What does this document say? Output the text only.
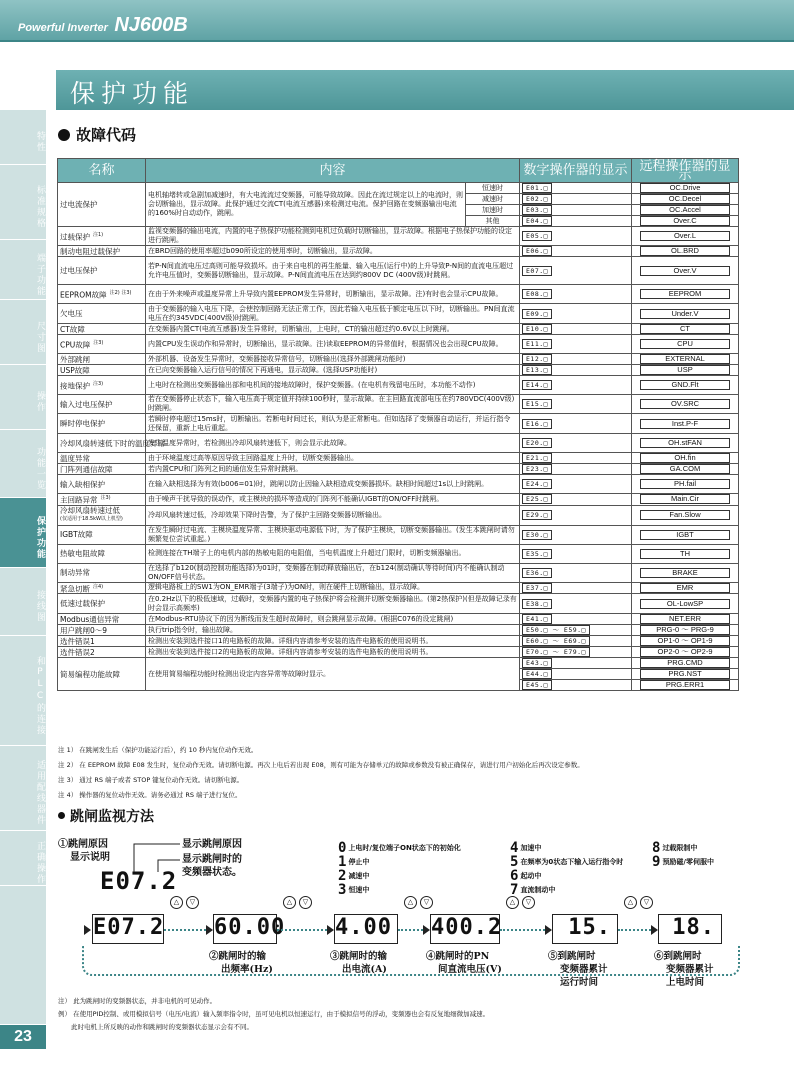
Powerful Inverter NJ600B
特性
标准规格
端子功能
尺寸图
操作
功能一览
保护功能
接线图
和PLC的连接
适用配线器件
正确操作
23
保护功能
故障代码
名称	内容		数字操作器的显示	远程操作器的显示
过电流保护	电机轴堵转或急剧加减速时，有大电流流过变频器，可能导致故障。因此在流过规定以上的电流时，则会切断输出，显示故障。此保护通过交流CT(电流互感器)来检测过电流。保护回路在变频器输出电流的160%时自动动作，跳闸。	恒速时	E01.□	OC.Drive
		减速时	E02.□	OC.Decel
		加速时	E03.□	OC.Accel
		其他	E04.□	Over.C
过载保护 $^{注1)}$	监视变频器的输出电流，内置的电子热保护功能检测到电机过负载时切断输出，显示故障。根据电子热保护功能的设定进行跳闸。		E05.□	Over.L
制动电阻过载保护	在BRD回路的使用率超过b090所设定的使用率时，切断输出，显示故障。		E06.□	OL.BRD
过电压保护	若P-N间直流电压过高则可能导致损坏。由于来自电机的再生能量、输入电压(运行中)的上升导致P-N间的直流电压超过允许电压值时，变频器切断输出，显示故障。P-N间直流电压在达到约800V DC (400V级)时跳闸。		E07.□	Over.V
EEPROM故障 $^{注2) 注3)}$	在由于外来噪声或温度异常上升导致内置EEPROM发生异常时，切断输出，显示故障。注)有时也会显示CPU故障。		E08.□	EEPROM
欠电压	由于变频器的输入电压下降，会使控制回路无法正常工作，因此若输入电压低于额定电压以下时，切断输出。PN间直流电压在约345VDC(400V级)时跳闸。		E09.□	Under.V
CT故障	在变频器内置CT(电流互感器)发生异常时，切断输出，上电时，CT的输出超过约0.6V以上时跳闸。		E10.□	CT
CPU故障 $^{注3)}$	内置CPU发生误动作和异常时，切断输出，显示故障。注)读取EEPROM的异常值时，根据情况也会出现CPU故障。		E11.□	CPU
外部跳闸	外部机器、设备发生异常时，变频器接收异常信号，切断输出(选择外部跳闸功能时)		E12.□	EXTERNAL
USP故障	在已向变频器输入运行信号的情况下再通电，显示故障。(选择USP功能时)		E13.□	USP
接地保护 $^{注3)}$	上电时在检测出变频器输出部和电机间的接地故障时，保护变频器。(在电机有残留电压时，本功能不动作)		E14.□	GND.Flt
输入过电压保护	若在变频器停止状态下，输入电压高于规定值并持续100秒时，显示故障。在主回路直流部电压在约780VDC(400V级)时跳闸。		E15.□	OV.SRC
瞬时停电保护	若瞬时停电超过15ms时，切断输出。若断电时间过长，则认为是正常断电。但如选择了变频器自动运行，并运行指令还保留，重新上电后重起。		E16.□	Inst.P-F
冷却风扇转速低下时的温度异常	发生温度异常时，若检测出冷却风扇转速低下，则会显示此故障。		E20.□	OH.stFAN
温度异常	由于环境温度过高等原因导致主回路温度上升时，切断变频器输出。		E21.□	OH.fin
门阵列通信故障	若内置CPU和门阵列之间的通信发生异常时跳闸。		E23.□	GA.COM
输入缺相保护	在输入缺相选择为有效(b006=01)时，跳闸以防止因输入缺相造成变频器损坏。缺相时间超过1s以上时跳闸。		E24.□	PH.fail
主回路异常 $^{注3)}$	由于噪声干扰导致的误动作，或主模块的损坏等造成的门阵列不能确认IGBT的ON/OFF时跳闸。		E25.□	Main.Cir
冷却风扇转速过低
(仅适用于18.5kW以上机型)	冷却风扇转速过低，冷却效果下降时告警，为了保护主回路变频器切断输出。		E29.□	Fan.Slow
IGBT故障	在发生瞬时过电流、主模块温度异常、主模块驱动电源低下时，为了保护主模块，切断变频器输出。(发生本跳闸时请勿频繁复位尝试重起。)		E30.□	IGBT
热敏电阻故障	检测连接在TH端子上的电机内部的热敏电阻的电阻值，当电机温度上升超过门限时，切断变频器输出。		E35.□	TH
制动异常	在选择了b120(制动控制功能选择)为01时，变频器在制动释放输出后，在b124(制动确认等待时间)内不能确认制动ON/OFF信号状态。		E36.□	BRAKE
紧急切断 $^{注4)}$	逻辑电路板上的SW1为ON_EMR端子(3端子)为ON时，则在硬件上切断输出，显示故障。		E37.□	EMR
低速过载保护	在0.2Hz以下的极低速域，过载时，变频器内置的电子热保护将会检测并切断变频器输出。(第2热保护)(但是故障记录有时会显示高频率)		E38.□	OL-LowSP
Modbus通信异常	在Modbus-RTU协议下的因为断线而发生超时故障时，则会跳闸显示故障。(根据C076的设定跳闸)		E41.□	NET.ERR
用户跳闸0～9	执行trip指令时，输出故障。		E50.□ ～ E59.□	PRG-0 ～ PRG-9
选件错误1	检测出安装到选件接口1的电路板的故障。详细内容请参考安装的选件电路板的使用说明书。		E60.□ ～ E69.□	OP1-0 ～ OP1-9
选件错误2	检测出安装到选件接口2的电路板的故障。详细内容请参考安装的选件电路板的使用说明书。		E70.□ ～ E79.□	OP2-0 ～ OP2-9
简易编程功能故障	在使用简易编程功能时检测出设定内容异常等故障时显示。		E43.□	PRG.CMD
			E44.□	PRG.NST
			E45.□	PRG.ERR1
注 1） 在跳闸发生后（保护功能运行后），约 10 秒内复位动作无效。
注 2） 在 EEPROM 故障 E08 发生时，复位动作无效。请切断电源。再次上电后若出现 E08，则有可能为存储单元的故障或参数没有被正确保存，请进行用户初始化后再次设定参数。
注 3） 通过 RS 端子或者 STOP 键复位动作无效。请切断电源。
注 4） 操作器的复位动作无效。请务必通过 RS 端子进行复位。
跳闸监视方法
①跳闸原因
显示说明
E07.2
显示跳闸原因
显示跳闸时的
变频器状态。
0 上电时/复位端子ON状态下的初始化
1 停止中
2 减速中
3 恒速中
4 加速中
5 在频率为0状态下输入运行指令时
6 起动中
7 直流制动中
8 过载限制中
9 预励磁/零伺服中
E07.2
△	▽
60.00
△	▽
②跳闸时的输
出频率(Hz)
4.00
△	▽
③跳闸时的输
出电流(A)
400.2
△	▽
④跳闸时的PN
间直流电压(V)
15.
△	▽
⑤到跳闸时
变频器累计
运行时间
18.
⑥到跳闸时
变频器累计
上电时间
注） 此为跳闸时的变频器状态，并非电机的可见动作。
例） 在使用PID控制、或用模拟信号（电压/电流）输入频率指令时，虽可见电机以恒速运行，由于模拟信号的浮动，变频器也会有反复地细微加减速。
　　此时电机上所反映的动作和跳闸时的变频器状态显示会有不同。
